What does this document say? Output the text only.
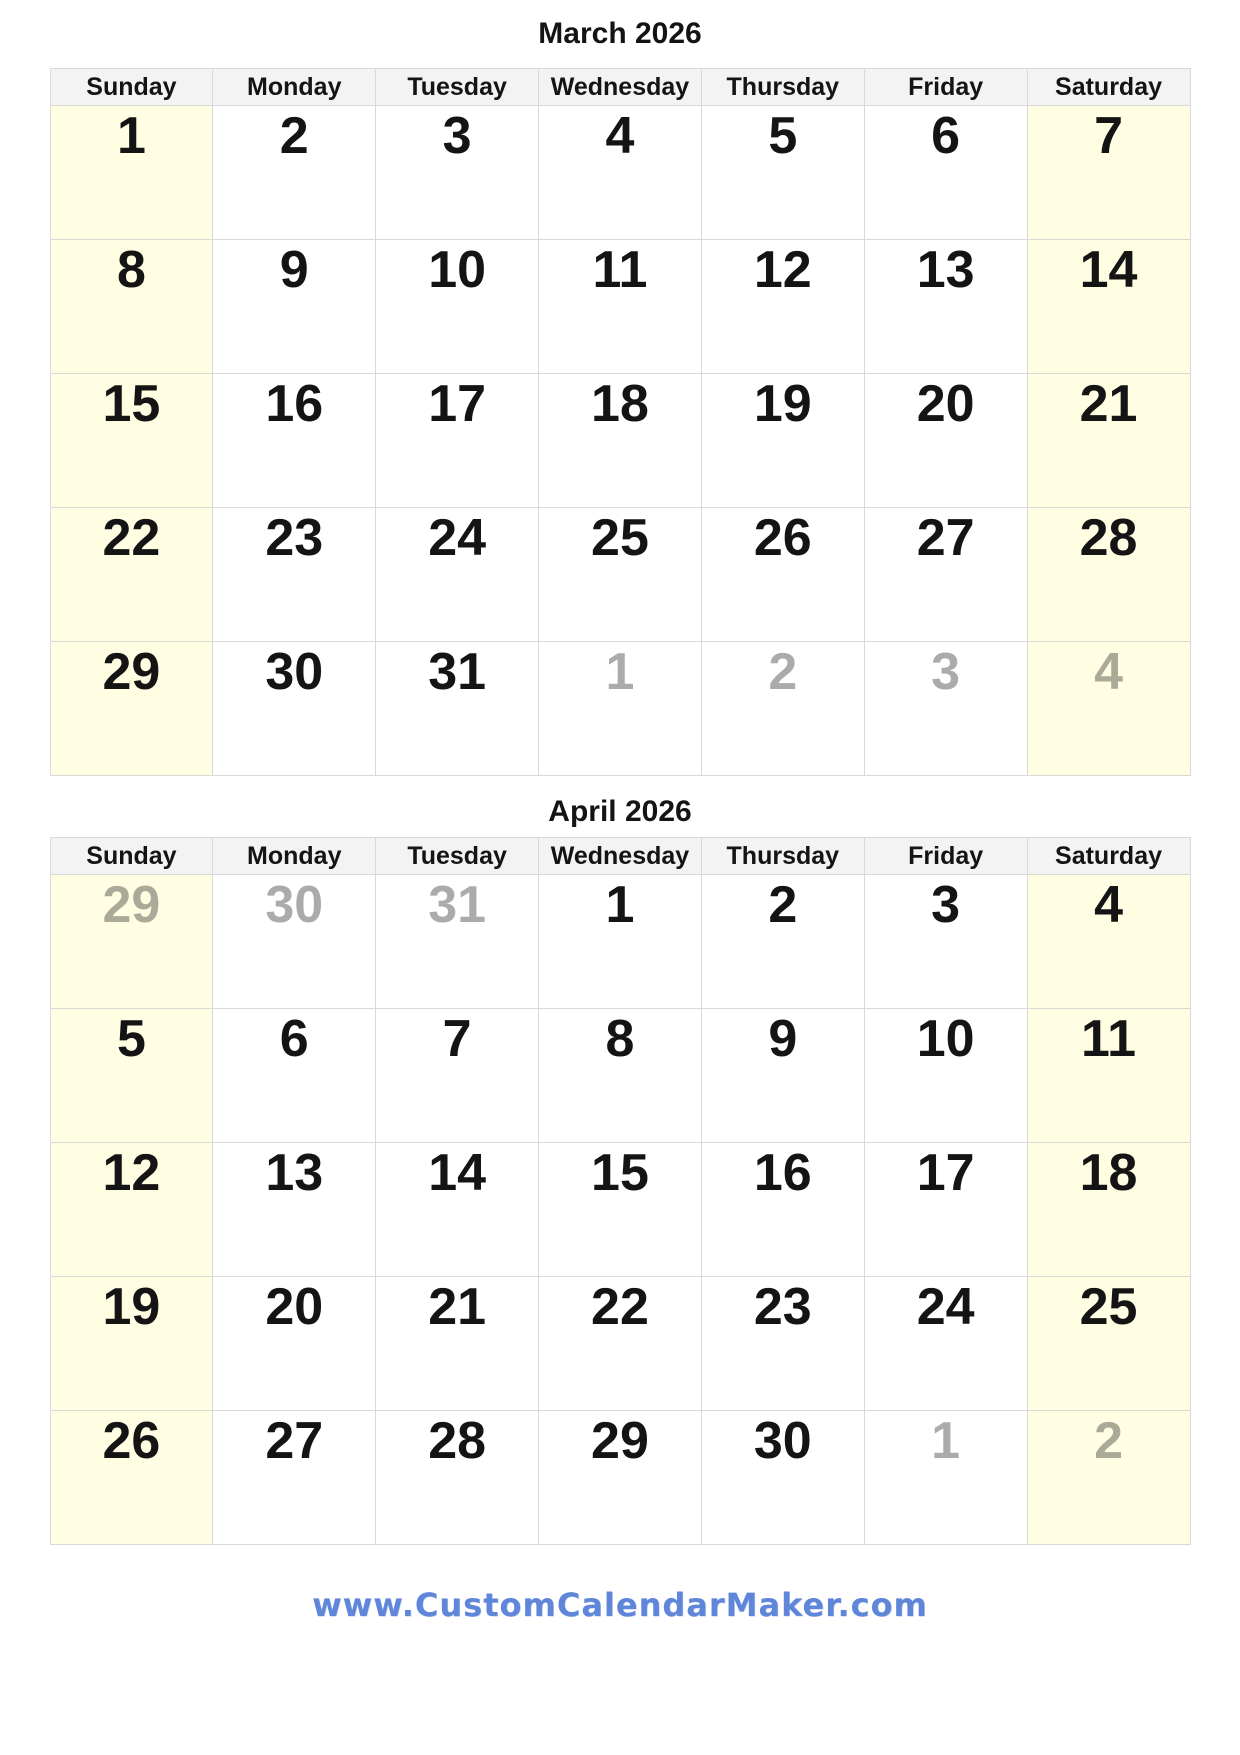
March 2026
Sunday	Monday	Tuesday	Wednesday	Thursday	Friday	Saturday
1	2	3	4	5	6	7
8	9	10	11	12	13	14
15	16	17	18	19	20	21
22	23	24	25	26	27	28
29	30	31	1	2	3	4
April 2026
Sunday	Monday	Tuesday	Wednesday	Thursday	Friday	Saturday
29	30	31	1	2	3	4
5	6	7	8	9	10	11
12	13	14	15	16	17	18
19	20	21	22	23	24	25
26	27	28	29	30	1	2
www.CustomCalendarMaker.com
